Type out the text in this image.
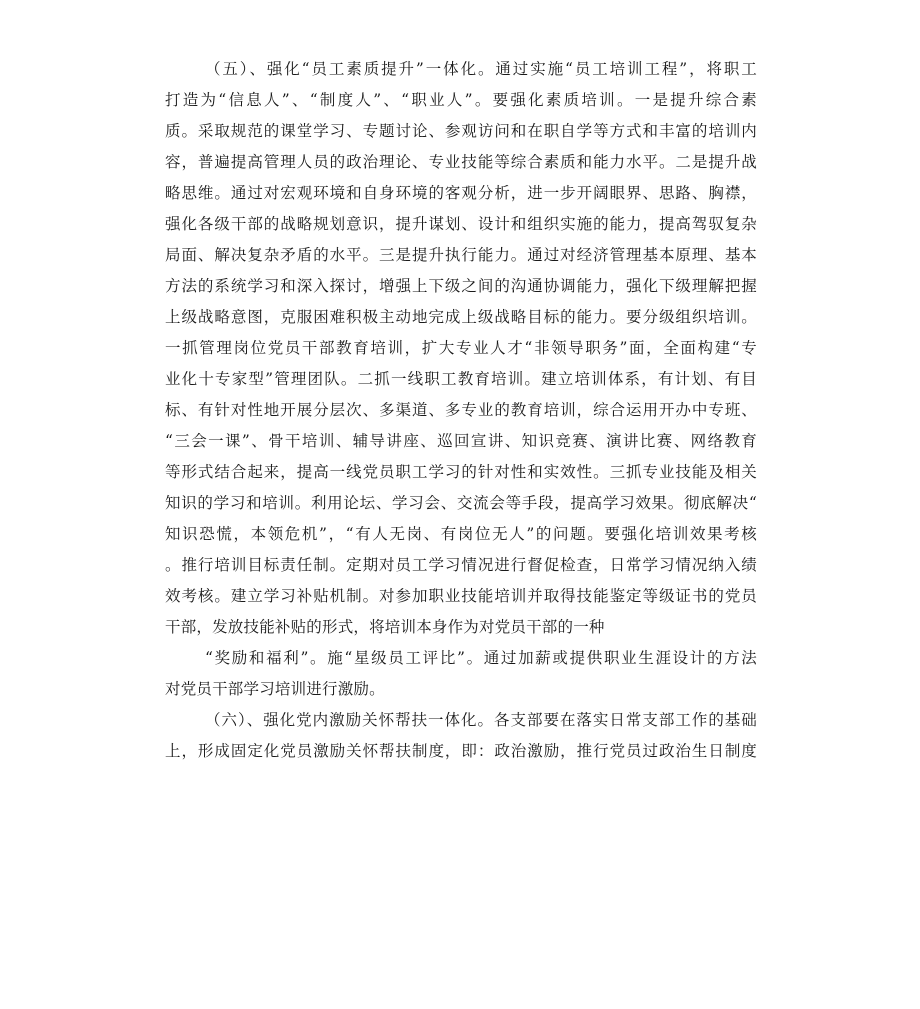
（五）、强化“员工素质提升”一体化。通过实施“员工培训工程”，将职工
打造为“信息人”、“制度人”、“职业人”。要强化素质培训。一是提升综合素
质。采取规范的课堂学习、专题讨论、参观访问和在职自学等方式和丰富的培训内
容，普遍提高管理人员的政治理论、专业技能等综合素质和能力水平。二是提升战
略思维。通过对宏观环境和自身环境的客观分析，进一步开阔眼界、思路、胸襟，
强化各级干部的战略规划意识，提升谋划、设计和组织实施的能力，提高驾驭复杂
局面、解决复杂矛盾的水平。三是提升执行能力。通过对经济管理基本原理、基本
方法的系统学习和深入探讨，增强上下级之间的沟通协调能力，强化下级理解把握
上级战略意图，克服困难积极主动地完成上级战略目标的能力。要分级组织培训。
一抓管理岗位党员干部教育培训，扩大专业人才“非领导职务”面，全面构建“专
业化十专家型”管理团队。二抓一线职工教育培训。建立培训体系，有计划、有目
标、有针对性地开展分层次、多渠道、多专业的教育培训，综合运用开办中专班、
“三会一课”、骨干培训、辅导讲座、巡回宣讲、知识竞赛、演讲比赛、网络教育
等形式结合起来，提高一线党员职工学习的针对性和实效性。三抓专业技能及相关
知识的学习和培训。利用论坛、学习会、交流会等手段，提高学习效果。彻底解决“
知识恐慌，本领危机”，“有人无岗、有岗位无人”的问题。要强化培训效果考核
。推行培训目标责任制。定期对员工学习情况进行督促检查，日常学习情况纳入绩
效考核。建立学习补贴机制。对参加职业技能培训并取得技能鉴定等级证书的党员
干部，发放技能补贴的形式，将培训本身作为对党员干部的一种
“奖励和福利”。施“星级员工评比”。通过加薪或提供职业生涯设计的方法
对党员干部学习培训进行激励。
（六）、强化党内激励关怀帮扶一体化。各支部要在落实日常支部工作的基础
上，形成固定化党员激励关怀帮扶制度，即：政治激励，推行党员过政治生日制度
